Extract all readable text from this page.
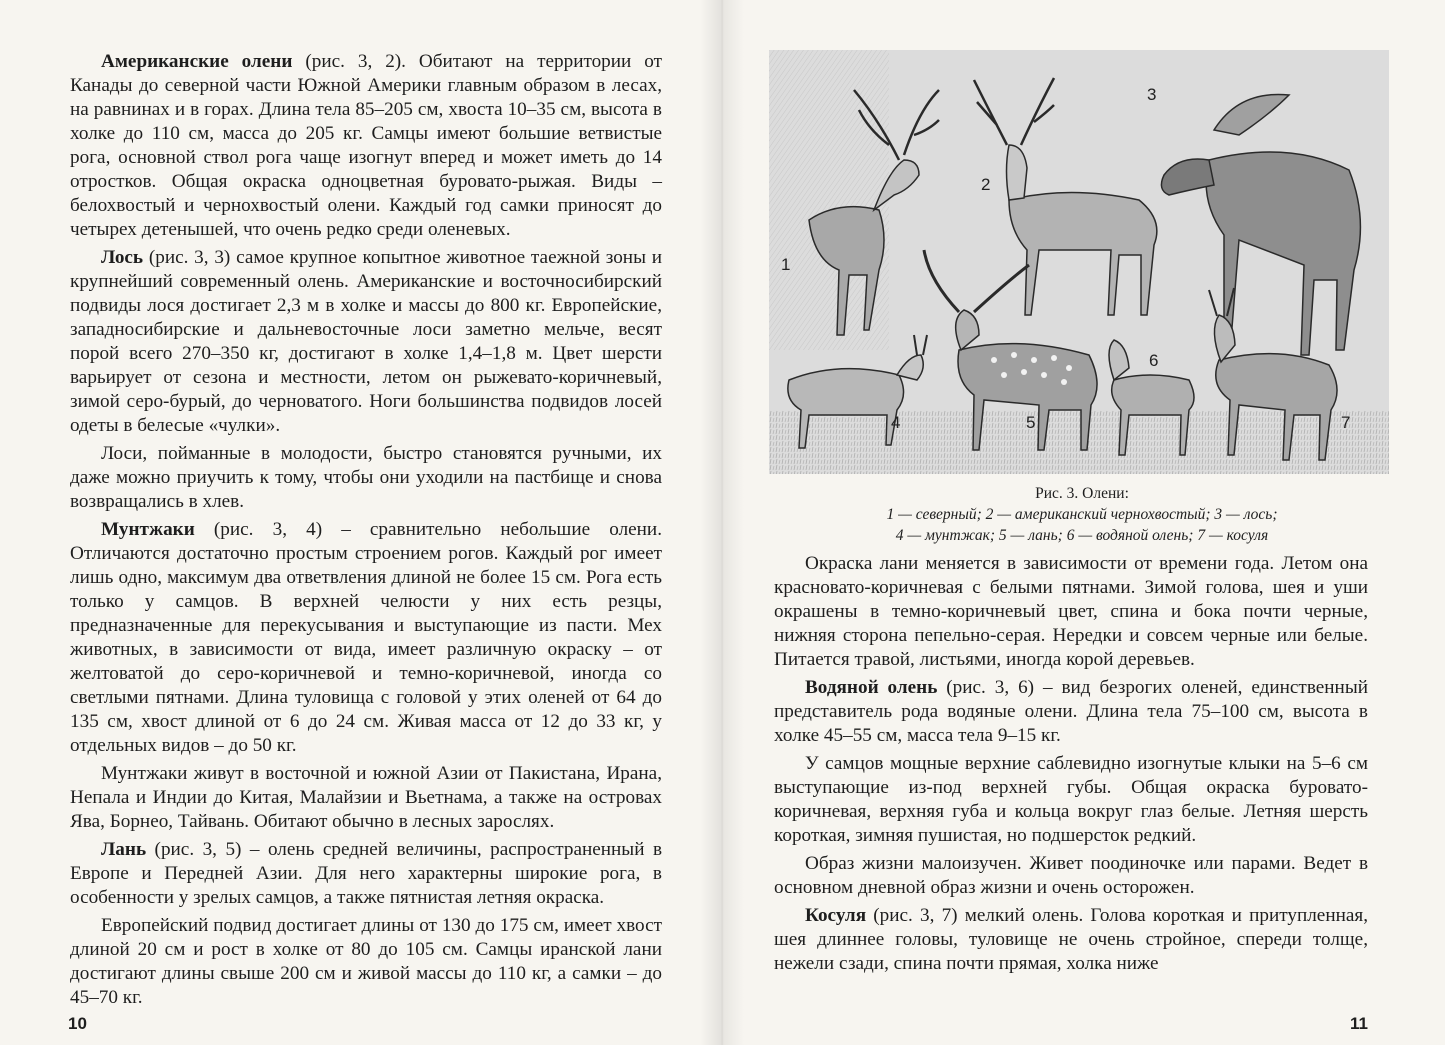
Американские олени (рис. 3, 2). Обитают на территории от Канады до северной части Южной Америки главным образом в лесах, на равнинах и в горах. Длина тела 85–205 см, хвоста 10–35 см, высота в холке до 110 см, масса до 205 кг. Самцы имеют большие ветвистые рога, основной ствол рога чаще изогнут вперед и может иметь до 14 отростков. Общая окраска одноцветная буровато-рыжая. Виды – белохвостый и чернохвостый олени. Каждый год самки приносят до четырех детенышей, что очень редко среди оленевых.

Лось (рис. 3, 3) самое крупное копытное животное таежной зоны и крупнейший современный олень. Американские и восточносибирский подвиды лося достигает 2,3 м в холке и массы до 800 кг. Европейские, западносибирские и дальневосточные лоси заметно мельче, весят порой всего 270–350 кг, достигают в холке 1,4–1,8 м. Цвет шерсти варьирует от сезона и местности, летом он рыжевато-коричневый, зимой серо-бурый, до черноватого. Ноги большинства подвидов лосей одеты в белесые «чулки».

Лоси, пойманные в молодости, быстро становятся ручными, их даже можно приучить к тому, чтобы они уходили на пастбище и снова возвращались в хлев.

Мунтжаки (рис. 3, 4) – сравнительно небольшие олени. Отличаются достаточно простым строением рогов. Каждый рог имеет лишь одно, максимум два ответвления длиной не более 15 см. Рога есть только у самцов. В верхней челюсти у них есть резцы, предназначенные для перекусывания и выступающие из пасти. Мех животных, в зависимости от вида, имеет различную окраску – от желтоватой до серо-коричневой и темно-коричневой, иногда со светлыми пятнами. Длина туловища с головой у этих оленей от 64 до 135 см, хвост длиной от 6 до 24 см. Живая масса от 12 до 33 кг, у отдельных видов – до 50 кг.

Мунтжаки живут в восточной и южной Азии от Пакистана, Ирана, Непала и Индии до Китая, Малайзии и Вьетнама, а также на островах Ява, Борнео, Тайвань. Обитают обычно в лесных зарослях.

Лань (рис. 3, 5) – олень средней величины, распространенный в Европе и Передней Азии. Для него характерны широкие рога, в особенности у зрелых самцов, а также пятнистая летняя окраска.

Европейский подвид достигает длины от 130 до 175 см, имеет хвост длиной 20 см и рост в холке от 80 до 105 см. Самцы иранской лани достигают длины свыше 200 см и живой массы до 110 кг, а самки – до 45–70 кг.

10
1
2
3
4	5
6
7
Рис. 3. Олени:
1 — северный; 2 — американский чернохвостый; 3 — лось;
4 — мунтжак; 5 — лань; 6 — водяной олень; 7 — косуля

Окраска лани меняется в зависимости от времени года. Летом она красновато-коричневая с белыми пятнами. Зимой голова, шея и уши окрашены в темно-коричневый цвет, спина и бока почти черные, нижняя сторона пепельно-серая. Нередки и совсем черные или белые. Питается травой, листьями, иногда корой деревьев.

Водяной олень (рис. 3, 6) – вид безрогих оленей, единственный представитель рода водяные олени. Длина тела 75–100 см, высота в холке 45–55 см, масса тела 9–15 кг.

У самцов мощные верхние саблевидно изогнутые клыки на 5–6 см выступающие из-под верхней губы. Общая окраска буровато-коричневая, верхняя губа и кольца вокруг глаз белые. Летняя шерсть короткая, зимняя пушистая, но подшерсток редкий.

Образ жизни малоизучен. Живет поодиночке или парами. Ведет в основном дневной образ жизни и очень осторожен.

Косуля (рис. 3, 7) мелкий олень. Голова короткая и притупленная, шея длиннее головы, туловище не очень стройное, спереди толще, нежели сзади, спина почти прямая, холка ниже

11
